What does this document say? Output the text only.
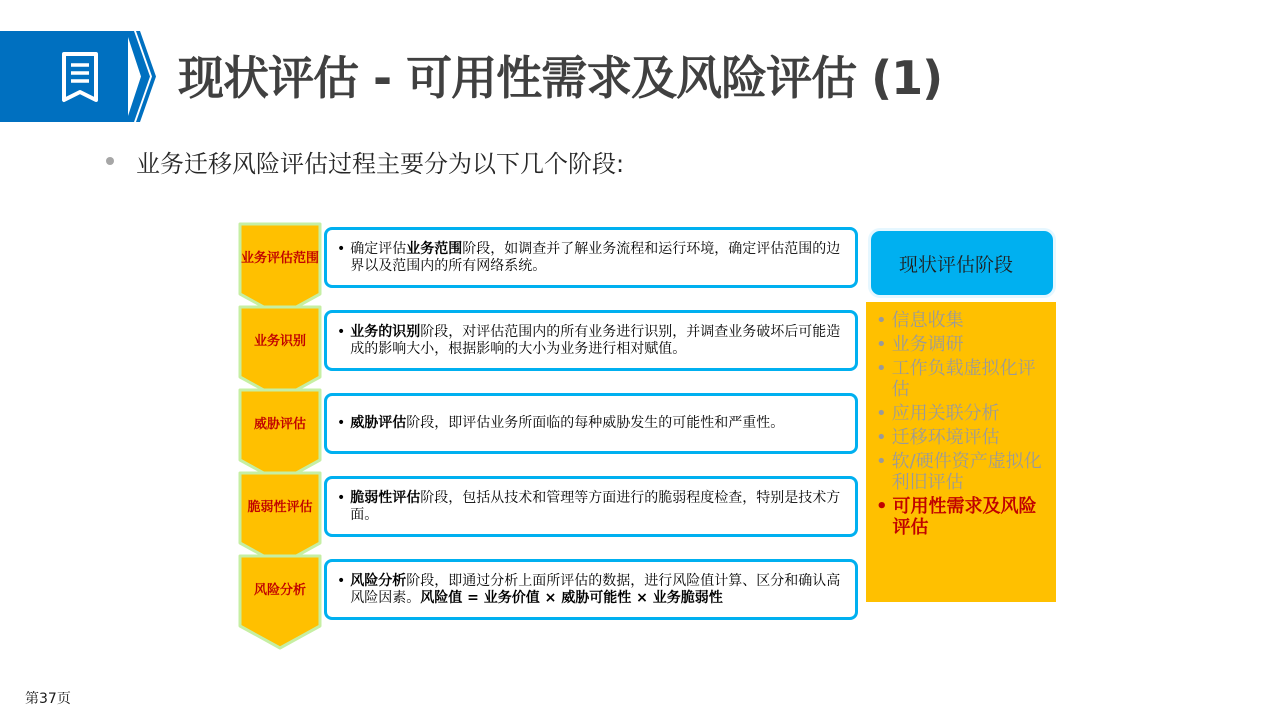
现状评估 - 可用性需求及风险评估 (1)
业务迁移风险评估过程主要分为以下几个阶段:
业务评估范围
• 确定评估业务范围阶段，如调查并了解业务流程和运行环境，确定评估范围的边界以及范围内的所有网络系统。
业务识别
• 业务的识别阶段，对评估范围内的所有业务进行识别，并调查业务破坏后可能造成的影响大小，根据影响的大小为业务进行相对赋值。
威胁评估	• 威胁评估阶段，即评估业务所面临的每种威胁发生的可能性和严重性。
脆弱性评估
• 脆弱性评估阶段，包括从技术和管理等方面进行的脆弱程度检查，特别是技术方面。
风险分析
• 风险分析阶段，即通过分析上面所评估的数据，进行风险值计算、区分和确认高风险因素。风险值 = 业务价值 × 威胁可能性 × 业务脆弱性
现状评估阶段
• 信息收集
• 业务调研
• 工作负载虚拟化评估
• 应用关联分析
• 迁移环境评估
• 软/硬件资产虚拟化利旧评估
• 可用性需求及风险评估
第37页
